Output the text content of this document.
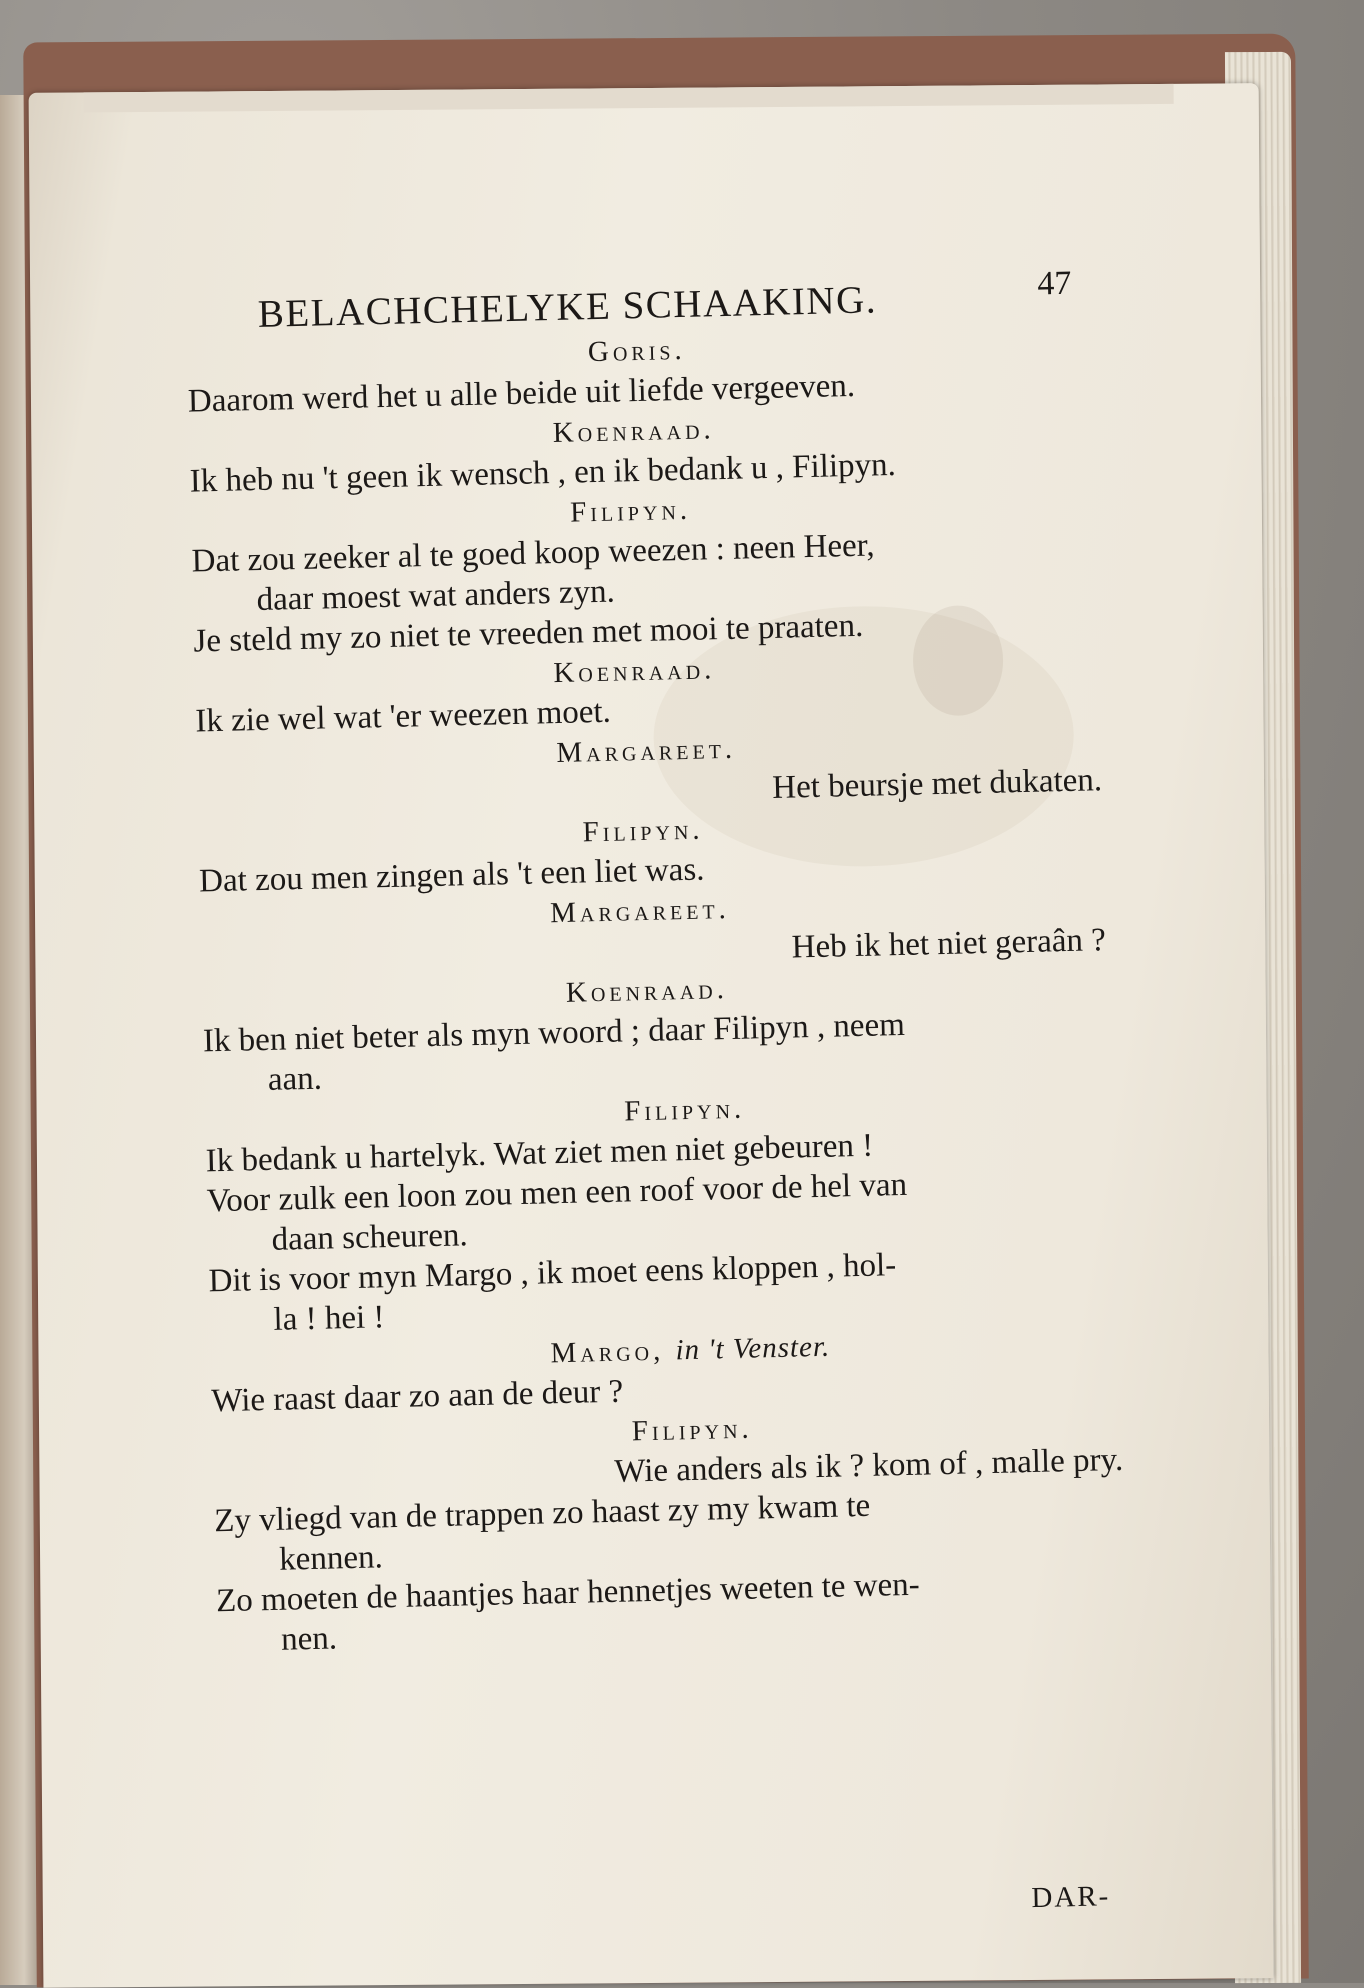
BELACHCHELYKE SCHAAKING.	47
Goris.
Daarom werd het u alle beide uit liefde vergeeven.
Koenraad.
Ik heb nu 't geen ik wensch , en ik bedank u , Filipyn.
Filipyn.
Dat zou zeeker al te goed koop weezen : neen Heer,
daar moest wat anders zyn.
Je steld my zo niet te vreeden met mooi te praaten.
Koenraad.
Ik zie wel wat 'er weezen moet.
Margareet.
Het beursje met dukaten.
Filipyn.
Dat zou men zingen als 't een liet was.
Margareet.
Heb ik het niet geraân ?
Koenraad.
Ik ben niet beter als myn woord ; daar Filipyn , neem
aan.
Filipyn.
Ik bedank u hartelyk. Wat ziet men niet gebeuren !
Voor zulk een loon zou men een roof voor de hel van
daan scheuren.
Dit is voor myn Margo , ik moet eens kloppen , hol-
la ! hei !
Margo, in 't Venster.
Wie raast daar zo aan de deur ?
Filipyn.
Wie anders als ik ? kom of , malle pry.
Zy vliegd van de trappen zo haast zy my kwam te
kennen.
Zo moeten de haantjes haar hennetjes weeten te wen-
nen.
DAR-
